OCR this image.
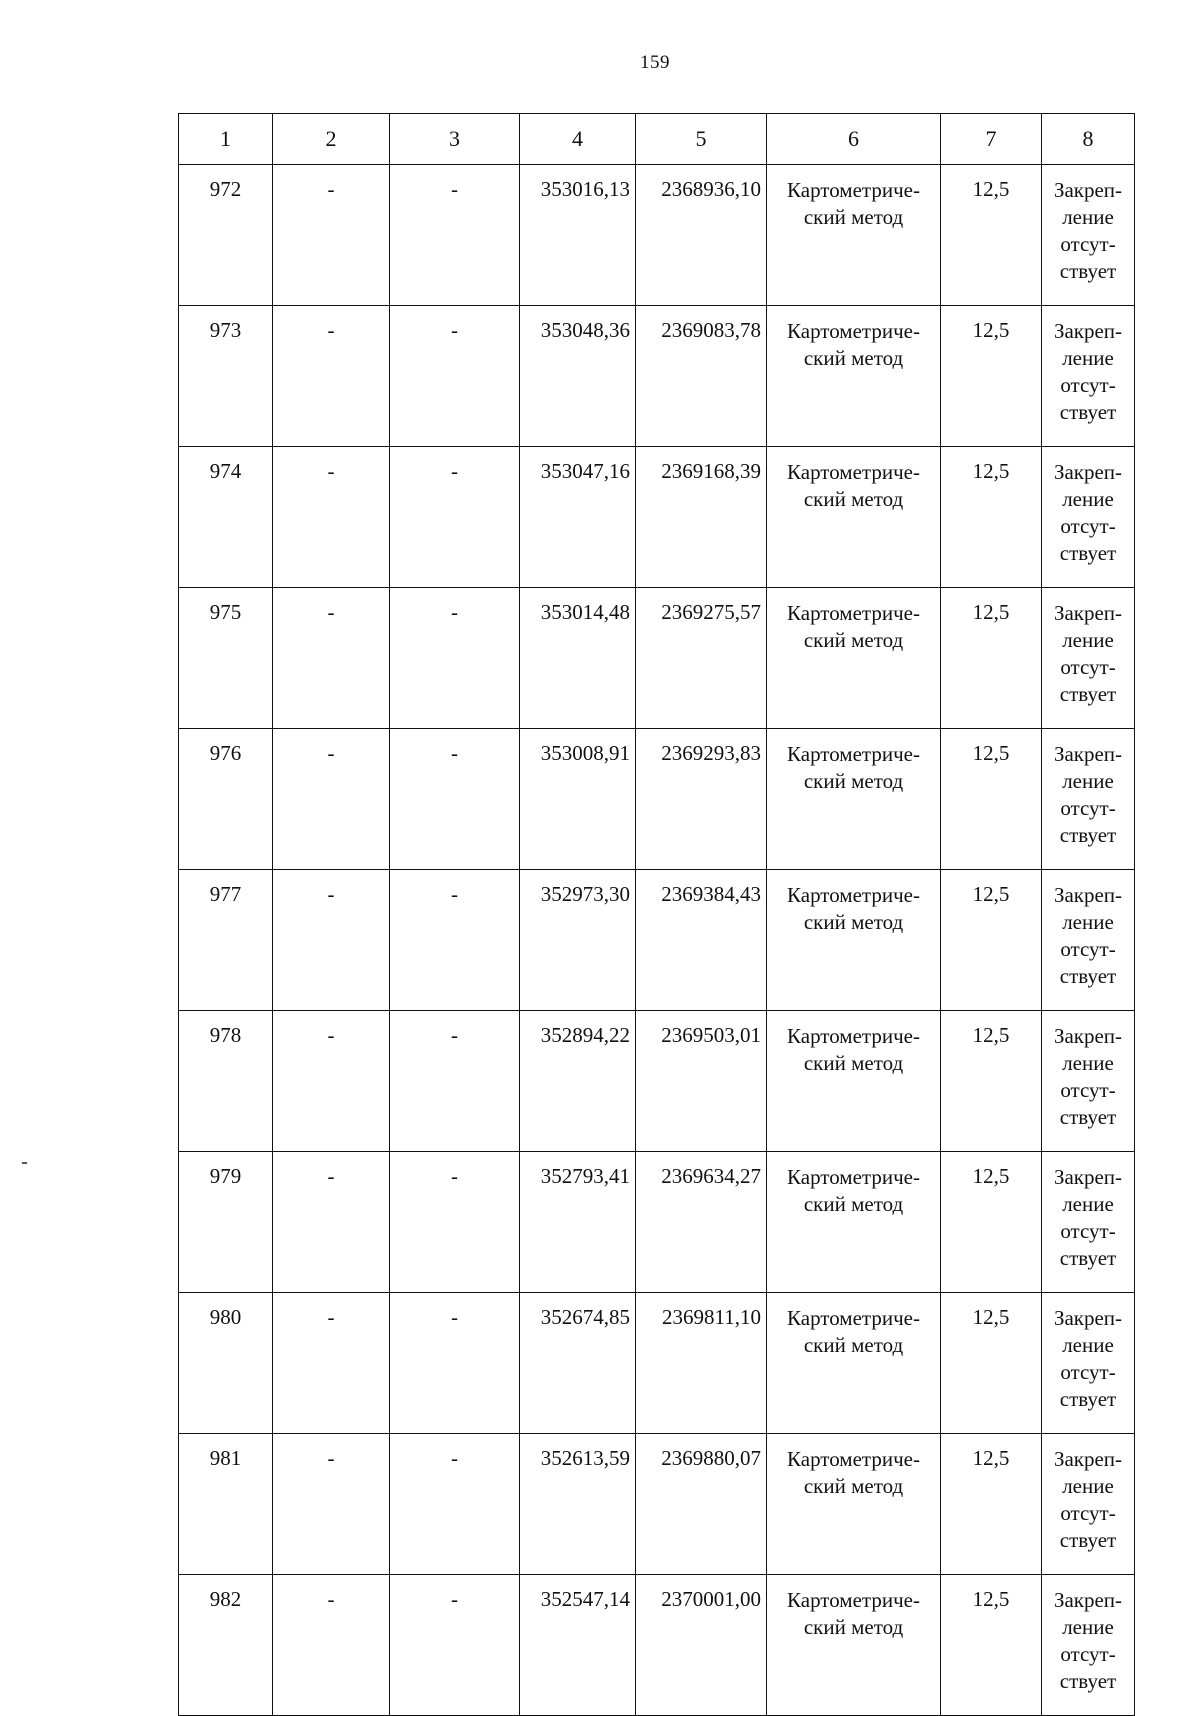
159
1	2	3	4	5	6	7	8
972	-	-	353016,13	2368936,10	Картометриче-
ский метод	12,5	Закреп-
ление
отсут-
ствует

973	-	-	353048,36	2369083,78	Картометриче-
ский метод	12,5	Закреп-
ление
отсут-
ствует

974	-	-	353047,16	2369168,39	Картометриче-
ский метод	12,5	Закреп-
ление
отсут-
ствует

975	-	-	353014,48	2369275,57	Картометриче-
ский метод	12,5	Закреп-
ление
отсут-
ствует

976	-	-	353008,91	2369293,83	Картометриче-
ский метод	12,5	Закреп-
ление
отсут-
ствует

977	-	-	352973,30	2369384,43	Картометриче-
ский метод	12,5	Закреп-
ление
отсут-
ствует

978	-	-	352894,22	2369503,01	Картометриче-
ский метод	12,5	Закреп-
ление
отсут-
ствует

979	-	-	352793,41	2369634,27	Картометриче-
ский метод	12,5	Закреп-
ление
отсут-
ствует

980	-	-	352674,85	2369811,10	Картометриче-
ский метод	12,5	Закреп-
ление
отсут-
ствует

981	-	-	352613,59	2369880,07	Картометриче-
ский метод	12,5	Закреп-
ление
отсут-
ствует

982	-	-	352547,14	2370001,00	Картометриче-
ский метод	12,5	Закреп-
ление
отсут-
ствует
